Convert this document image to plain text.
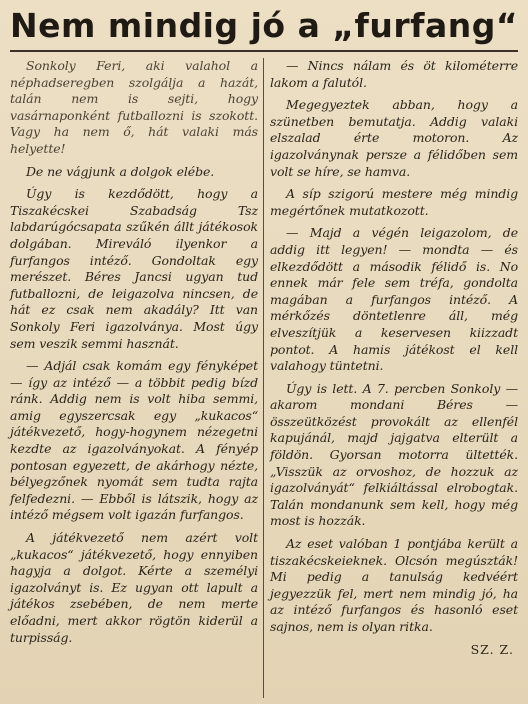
Nem mindig jó a „furfang“

Sonkoly Feri, aki valahol a néphadseregben szolgálja a hazát, talán nem is sejti, hogy vasárnaponként futballozni is szokott. Vagy ha nem ő, hát valaki más helyette!

De ne vágjunk a dolgok elébe.

Úgy is kezdődött, hogy a Tiszakécskei Szabadság Tsz labdarúgócsapata szűkén állt játékosok dolgában. Mireváló ilyenkor a furfangos intéző. Gondoltak egy merészet. Béres Jancsi ugyan tud futballozni, de leigazolva nincsen, de hát ez csak nem akadály? Itt van Sonkoly Feri igazolványa. Most úgy sem veszik semmi hasznát.

— Adjál csak komám egy fényképet — így az intéző — a többit pedig bízd ránk. Addig nem is volt hiba semmi, amig egyszercsak egy „kukacos“ játékvezető, hogy-hogynem nézegetni kezdte az igazolványokat. A fényép pontosan egyezett, de akárhogy nézte, bélyegzőnek nyomát sem tudta rajta felfedezni. — Ebből is látszik, hogy az intéző mégsem volt igazán furfangos.

A játékvezető nem azért volt „kukacos“ játékvezető, hogy ennyiben hagyja a dolgot. Kérte a személyi igazolványt is. Ez ugyan ott lapult a játékos zsebében, de nem merte előadni, mert akkor rögtön kiderül a turpisság.

— Nincs nálam és öt kilométerre lakom a falutól.

Megegyeztek abban, hogy a szünetben bemutatja. Addig valaki elszalad érte motoron. Az igazolványnak persze a félidőben sem volt se híre, se hamva.

A síp szigorú mestere még mindig megértőnek mutatkozott.

— Majd a végén leigazolom, de addig itt legyen! — mondta — és elkezdődött a második félidő is. No ennek már fele sem tréfa, gondolta magában a furfangos intéző. A mérkőzés döntetlenre áll, még elveszítjük a keservesen kiizzadt pontot. A hamis játékost el kell valahogy tüntetni.

Úgy is lett. A 7. percben Sonkoly — akarom mondani Béres — összeütközést provokált az ellenfél kapujánál, majd jajgatva elterült a földön. Gyorsan motorra ültették. „Visszük az orvoshoz, de hozzuk az igazolványát“ felkiáltással elrobogtak. Talán mondanunk sem kell, hogy még most is hozzák.

Az eset valóban 1 pontjába került a tiszakécskeieknek. Olcsón megúszták! Mi pedig a tanulság kedvéért jegyezzük fel, mert nem mindig jó, ha az intéző furfangos és hasonló eset sajnos, nem is olyan ritka.

SZ. Z.
